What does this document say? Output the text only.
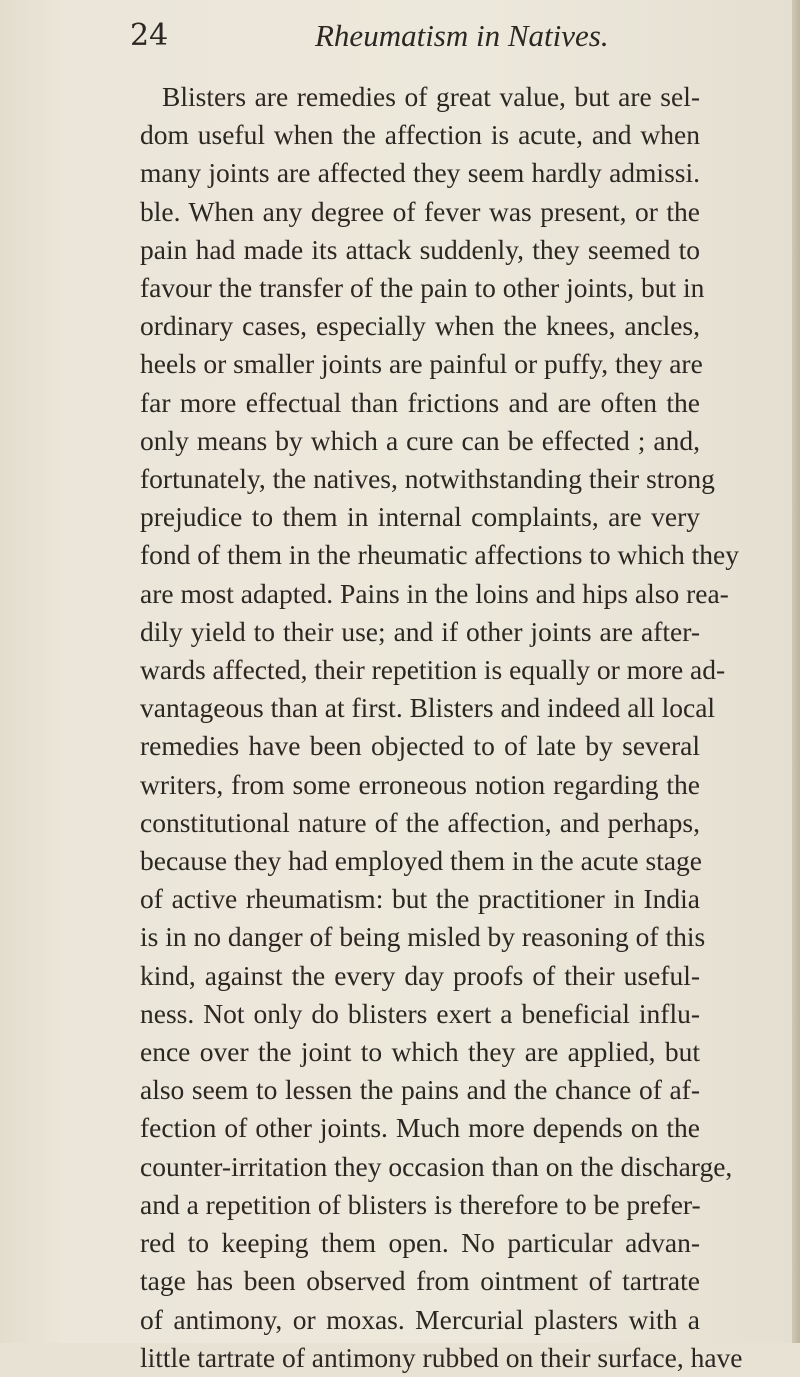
24	Rheumatism in Natives.
Blisters are remedies of great value, but are sel-
dom useful when the affection is acute, and when
many joints are affected they seem hardly admissi.
ble. When any degree of fever was present, or the
pain had made its attack suddenly, they seemed to
favour the transfer of the pain to other joints, but in
ordinary cases, especially when the knees, ancles,
heels or smaller joints are painful or puffy, they are
far more effectual than frictions and are often the
only means by which a cure can be effected ; and,
fortunately, the natives, notwithstanding their strong
prejudice to them in internal complaints, are very
fond of them in the rheumatic affections to which they
are most adapted. Pains in the loins and hips also rea-
dily yield to their use; and if other joints are after-
wards affected, their repetition is equally or more ad-
vantageous than at first. Blisters and indeed all local
remedies have been objected to of late by several
writers, from some erroneous notion regarding the
constitutional nature of the affection, and perhaps,
because they had employed them in the acute stage
of active rheumatism: but the practitioner in India
is in no danger of being misled by reasoning of this
kind, against the every day proofs of their useful-
ness. Not only do blisters exert a beneficial influ-
ence over the joint to which they are applied, but
also seem to lessen the pains and the chance of af-
fection of other joints. Much more depends on the
counter-irritation they occasion than on the discharge,
and a repetition of blisters is therefore to be prefer-
red to keeping them open. No particular advan-
tage has been observed from ointment of tartrate
of antimony, or moxas. Mercurial plasters with a
little tartrate of antimony rubbed on their surface, have
